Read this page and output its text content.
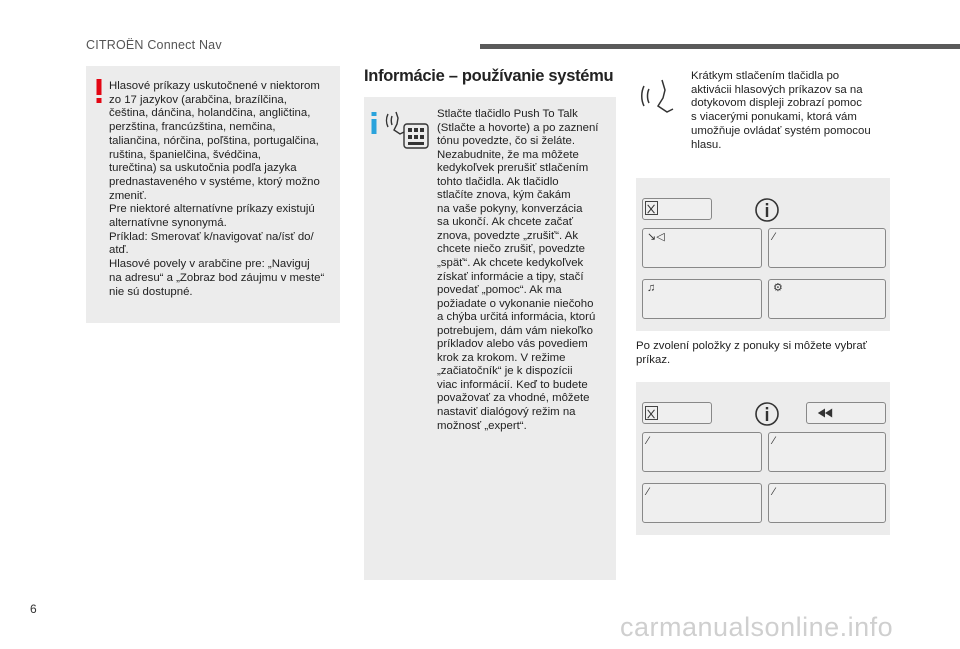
CITROËN Connect Nav
Hlasové príkazy uskutočnené v niektorom
zo 17 jazykov (arabčina, brazílčina,
čeština, dánčina, holandčina, angličtina,
perzština, francúzština, nemčina,
taliančina, nórčina, poľština, portugalčina,
ruština, španielčina, švédčina,
turečtina) sa uskutočnia podľa jazyka
prednastaveného v systéme, ktorý možno
zmeniť.
Pre niektoré alternatívne príkazy existujú
alternatívne synonymá.
Príklad: Smerovať k/navigovať na/ísť do/
atď.
Hlasové povely v arabčine pre: „Naviguj
na adresu“ a „Zobraz bod záujmu v meste“
nie sú dostupné.
Informácie – používanie systému
Stlačte tlačidlo Push To Talk
(Stlačte a hovorte) a po zaznení
tónu povedzte, čo si želáte.
Nezabudnite, že ma môžete
kedykoľvek prerušiť stlačením
tohto tlačidla. Ak tlačidlo
stlačíte znova, kým čakám
na vaše pokyny, konverzácia
sa ukončí. Ak chcete začať
znova, povedzte „zrušiť“. Ak
chcete niečo zrušiť, povedzte
„späť“. Ak chcete kedykoľvek
získať informácie a tipy, stačí
povedať „pomoc“. Ak ma
požiadate o vykonanie niečoho
a chýba určitá informácia, ktorú
potrebujem, dám vám niekoľko
príkladov alebo vás povediem
krok za krokom. V režime
„začiatočník“ je k dispozícii
viac informácií. Keď to budete
považovať za vhodné, môžete
nastaviť dialógový režim na
možnosť „expert“.
Krátkym stlačením tlačidla po
aktivácii hlasových príkazov sa na
dotykovom displeji zobrazí pomoc
s viacerými ponukami, ktorá vám
umožňuje ovládať systém pomocou
hlasu.
↘◁	⁄
♫	⚙
Po zvolení položky z ponuky si môžete vybrať
príkaz.
⁄	⁄
⁄	⁄
6
carmanualsonline.info
